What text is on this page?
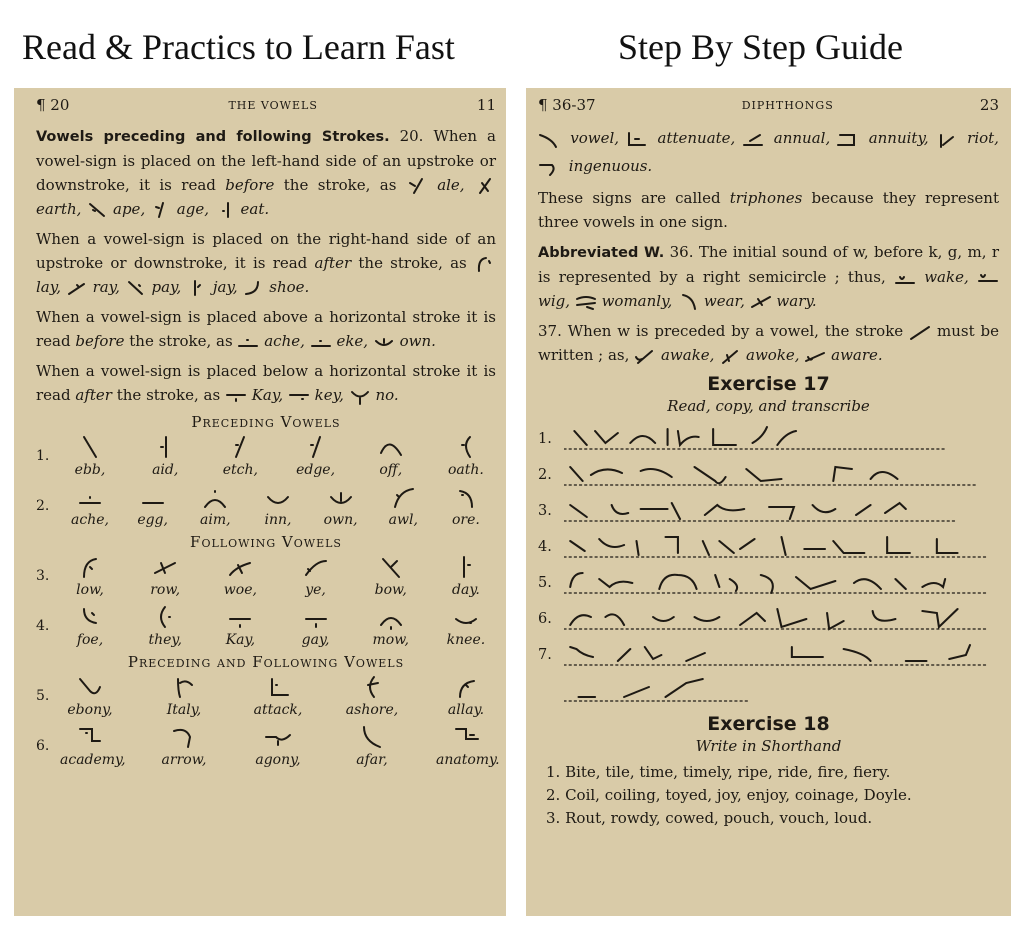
Read & Practics to Learn Fast	Step By Step Guide
¶ 20	THE VOWELS	11

Vowels preceding and following Strokes. 20. When a vowel-sign is placed on the left-hand side of an upstroke or downstroke, it is read before the stroke, as	ale,  earth, ape, age, eat.

When a vowel-sign is placed on the right-hand side of an upstroke or downstroke, it is read after the stroke, as  lay, ray, pay, jay, shoe.

When a vowel-sign is placed above a horizontal stroke it is read before the stroke, as ache, eke, own.

When a vowel-sign is placed below a horizontal stroke it is read after the stroke, as Kay, key, no.

Preceding Vowels
1.
ebb,	aid,	etch,	edge,	off,	oath.
2.
ache,	egg,	aim,	inn,	own,	awl,	ore.
Following Vowels
3.
low,	row,	woe,	ye,	bow,	day.
4.
foe,	they,	Kay,	gay,	mow,	knee.
Preceding and Following Vowels
5.
ebony,	Italy,	attack,	ashore,	allay.
6.
academy,	arrow,	agony,	afar,	anatomy.
¶ 36-37	DIPHTHONGS	23

vowel,	attenuate,	annual,	annuity,	riot,  ingenuous.

These signs are called triphones because they represent three vowels in one sign.

Abbreviated W. 36. The initial sound of w, before k, g, m, r is represented by a right semicircle ; thus,	wake,  wig, womanly, wear, wary.

37. When w is preceded by a vowel, the stroke must be written ; as, awake, awoke, aware.

Exercise 17
Read, copy, and transcribe
1.
2.
3.
4.
5.
6.
7.
Exercise 18
Write in Shorthand
1. Bite, tile, time, timely, ripe, ride, fire, fiery.
2. Coil, coiling, toyed, joy, enjoy, coinage, Doyle.
3. Rout, rowdy, cowed, pouch, vouch, loud.
